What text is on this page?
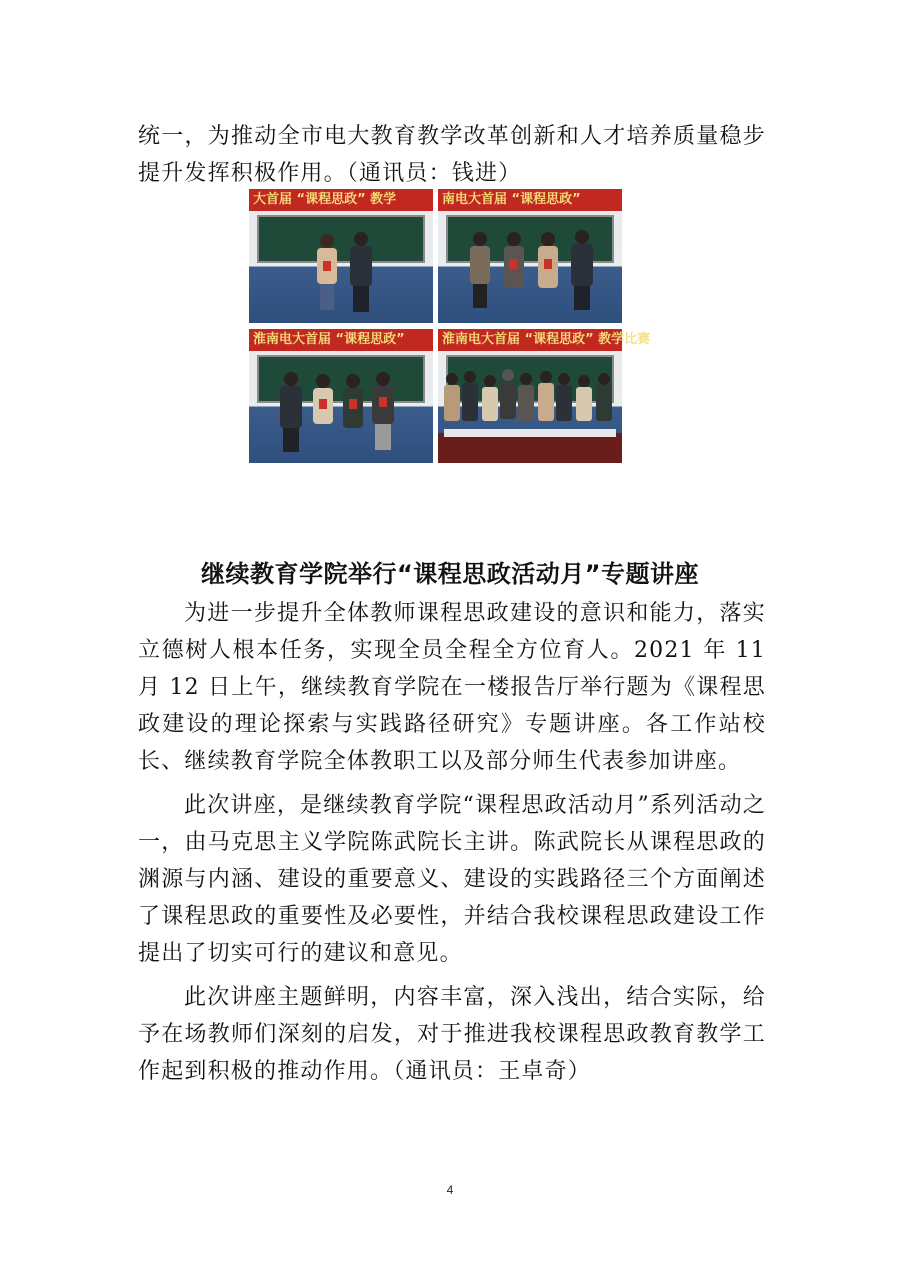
统一，为推动全市电大教育教学改革创新和人才培养质量稳步提升发挥积极作用。（通讯员：钱进）

大首届 “课程思政” 教学	南电大首届 “课程思政”
淮南电大首届 “课程思政”	淮南电大首届 “课程思政” 教学比赛
继续教育学院举行“课程思政活动月”专题讲座

为进一步提升全体教师课程思政建设的意识和能力，落实立德树人根本任务，实现全员全程全方位育人。2021 年 11 月 12 日上午，继续教育学院在一楼报告厅举行题为《课程思政建设的理论探索与实践路径研究》专题讲座。各工作站校长、继续教育学院全体教职工以及部分师生代表参加讲座。

此次讲座，是继续教育学院“课程思政活动月”系列活动之一，由马克思主义学院陈武院长主讲。陈武院长从课程思政的渊源与内涵、建设的重要意义、建设的实践路径三个方面阐述了课程思政的重要性及必要性，并结合我校课程思政建设工作提出了切实可行的建议和意见。

此次讲座主题鲜明，内容丰富，深入浅出，结合实际，给予在场教师们深刻的启发，对于推进我校课程思政教育教学工作起到积极的推动作用。（通讯员：王卓奇）

4
